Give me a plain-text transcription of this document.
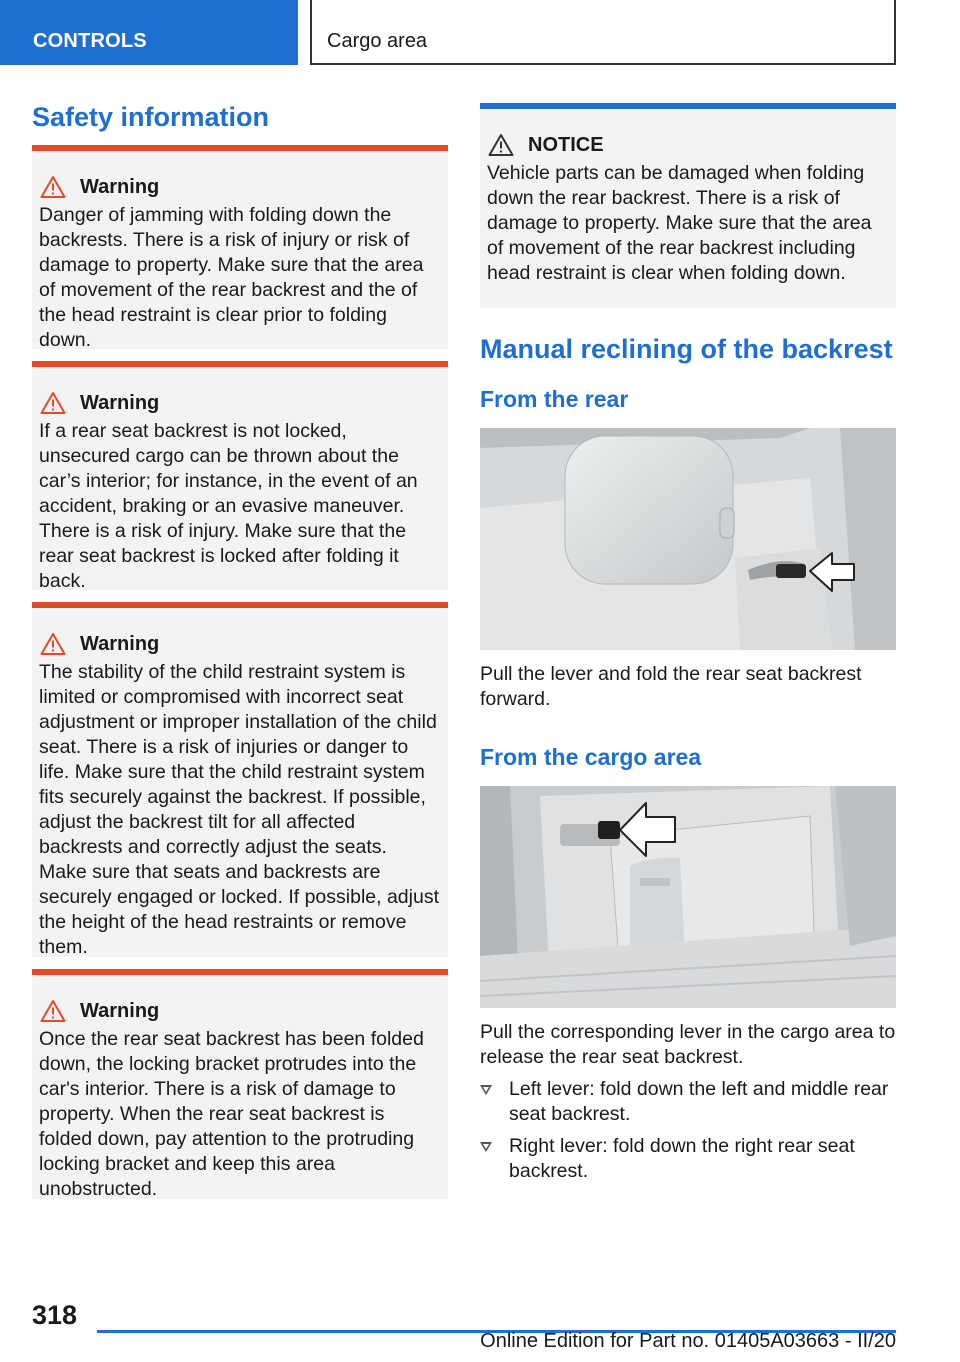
CONTROLS	Cargo area
Safety information
Warning
Danger of jamming with folding down the backrests. There is a risk of injury or risk of damage to property. Make sure that the area of movement of the rear backrest and the of the head restraint is clear prior to folding down.
Warning
If a rear seat backrest is not locked, unsecured cargo can be thrown about the car’s interior; for instance, in the event of an accident, braking or an evasive maneuver. There is a risk of injury. Make sure that the rear seat backrest is locked after folding it back.
Warning
The stability of the child restraint system is limited or compromised with incorrect seat adjustment or improper installation of the child seat. There is a risk of injuries or danger to life. Make sure that the child restraint system fits securely against the backrest. If possible, adjust the backrest tilt for all affected backrests and correctly adjust the seats. Make sure that seats and backrests are securely engaged or locked. If possible, adjust the height of the head restraints or remove them.
Warning
Once the rear seat backrest has been folded down, the locking bracket protrudes into the car's interior. There is a risk of damage to property. When the rear seat backrest is folded down, pay attention to the protruding locking bracket and keep this area unobstructed.
NOTICE
Vehicle parts can be damaged when folding down the rear backrest. There is a risk of damage to property. Make sure that the area of movement of the rear backrest including head restraint is clear when folding down.
Manual reclining of the backrest
From the rear

Pull the lever and fold the rear seat backrest forward.

From the cargo area

Pull the corresponding lever in the cargo area to release the rear seat backrest.

Left lever: fold down the left and middle rear seat backrest.
Right lever: fold down the right rear seat backrest.
318
Online Edition for Part no. 01405A03663 - II/20
